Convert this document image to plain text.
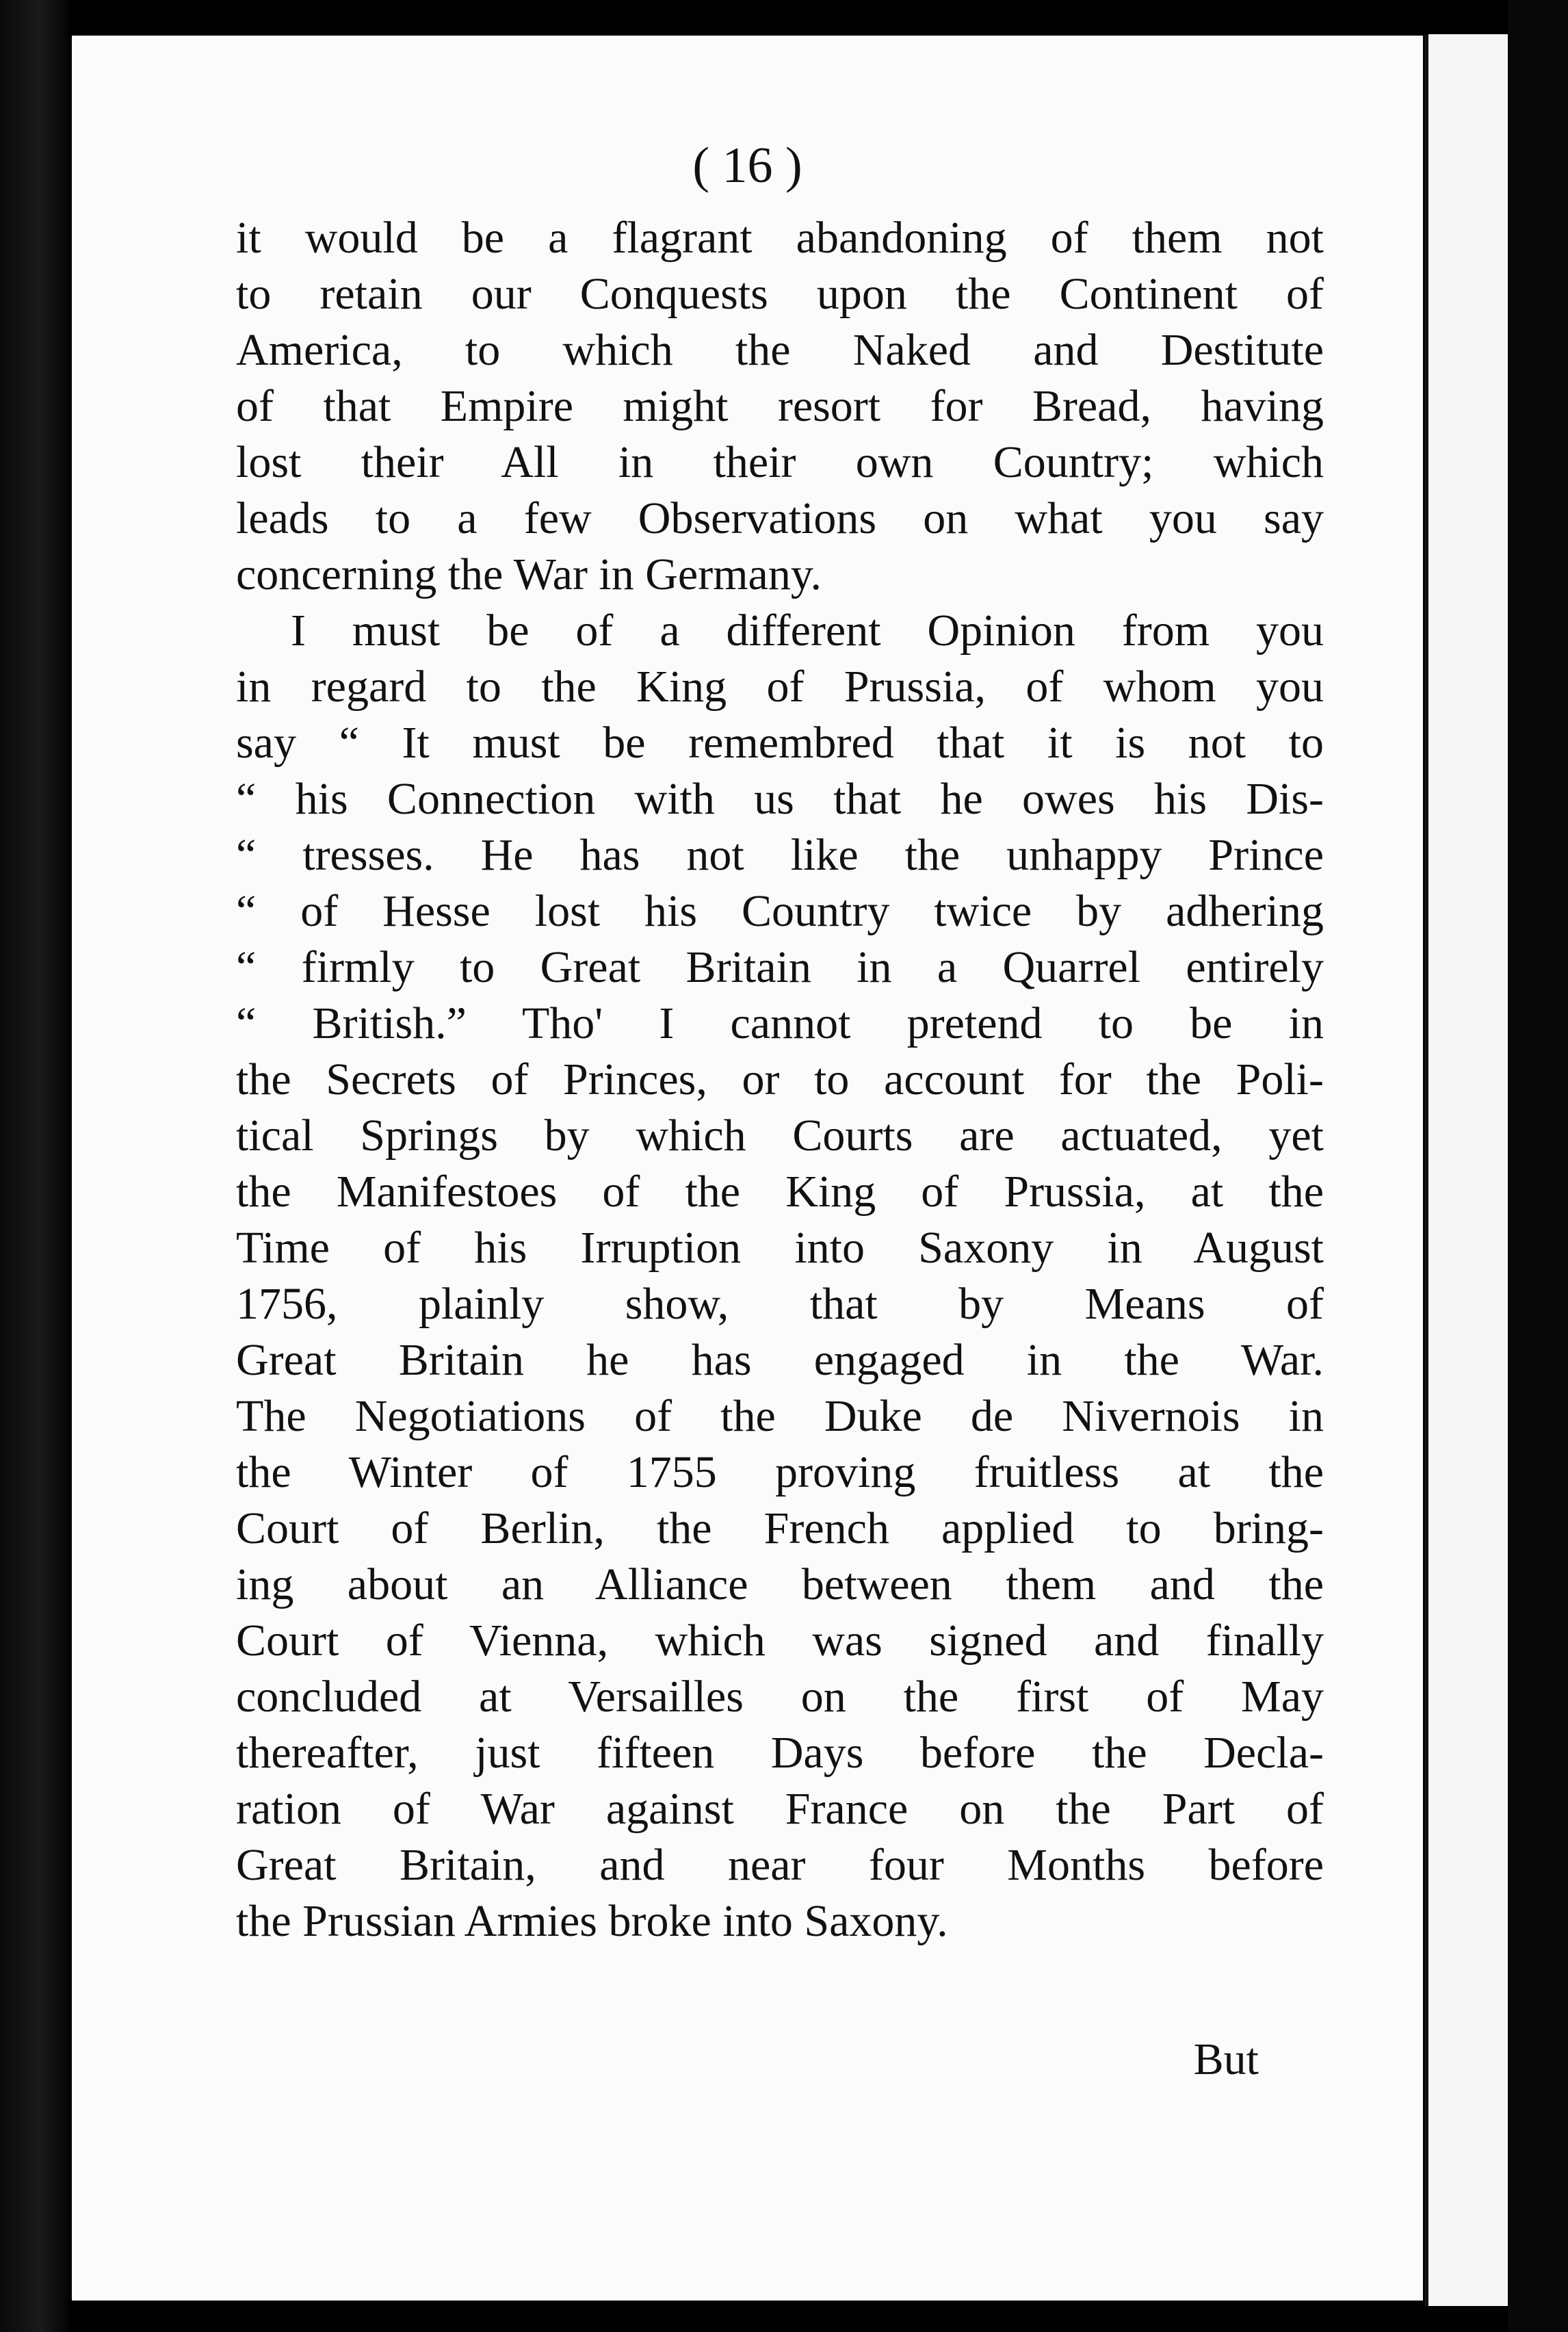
( 16 )
it would be a flagrant abandoning of them not
to retain our Conquests upon the Continent of
America, to which the Naked and Destitute
of that Empire might resort for Bread, having
lost their All in their own Country; which
leads to a few Observations on what you say
concerning the War in Germany.
I must be of a different Opinion from you
in regard to the King of Prussia, of whom you
say “ It must be remembred that it is not to
“ his Connection with us that he owes his Dis-
“ tresses. He has not like the unhappy Prince
“ of Hesse lost his Country twice by adhering
“ firmly to Great Britain in a Quarrel entirely
“ British.” Tho' I cannot pretend to be in
the Secrets of Princes, or to account for the Poli-
tical Springs by which Courts are actuated, yet
the Manifestoes of the King of Prussia, at the
Time of his Irruption into Saxony in August
1756, plainly show, that by Means of
Great Britain he has engaged in the War.
The Negotiations of the Duke de Nivernois in
the Winter of 1755 proving fruitless at the
Court of Berlin, the French applied to bring-
ing about an Alliance between them and the
Court of Vienna, which was signed and finally
concluded at Versailles on the first of May
thereafter, just fifteen Days before the Decla-
ration of War against France on the Part of
Great Britain, and near four Months before
the Prussian Armies broke into Saxony.
But
